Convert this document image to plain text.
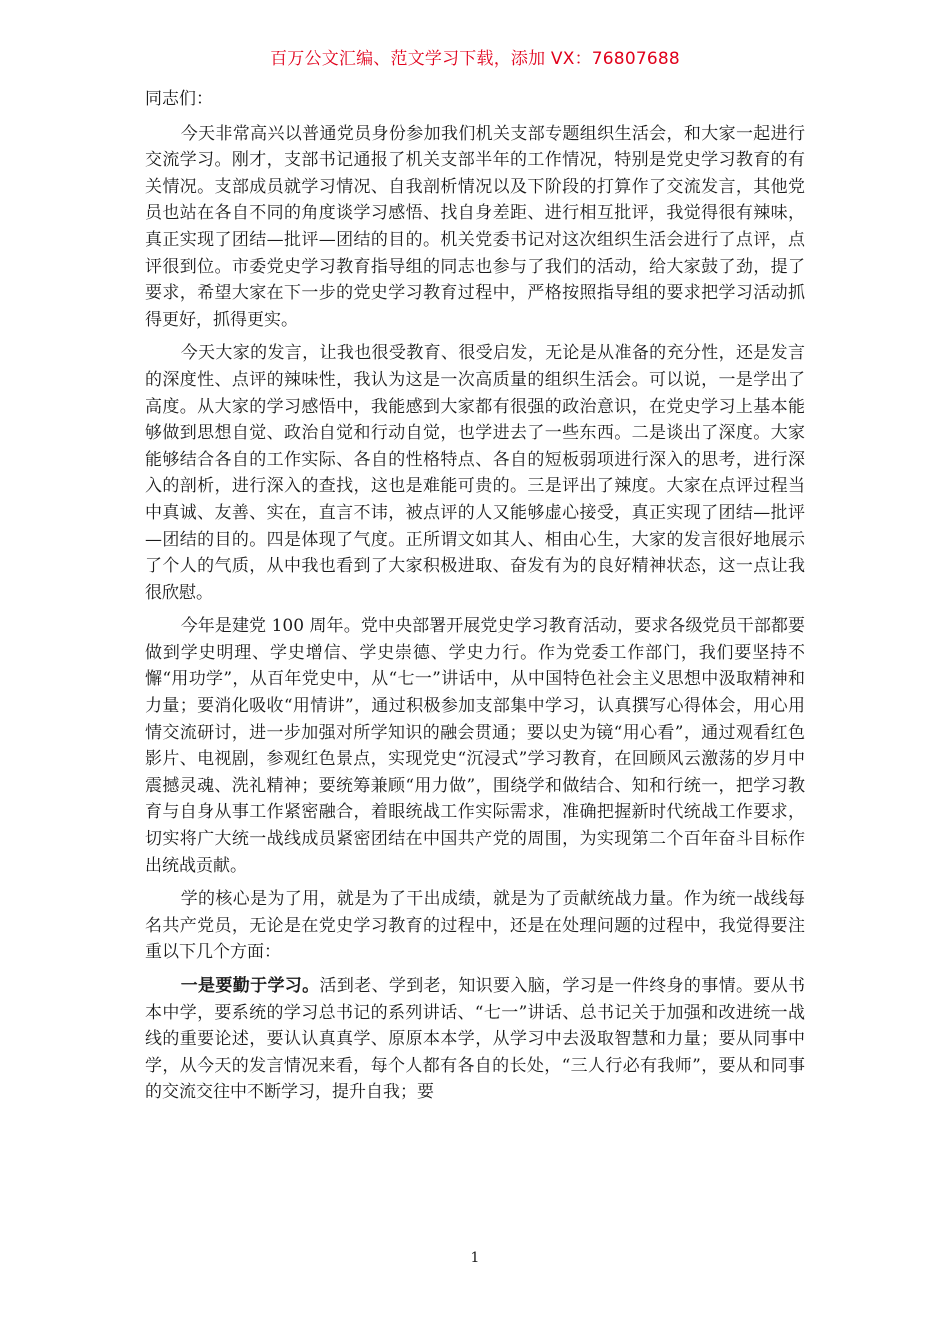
百万公文汇编、范文学习下载，添加 VX：76807688

同志们：

今天非常高兴以普通党员身份参加我们机关支部专题组织生活会，和大家一起进行交流学习。刚才，支部书记通报了机关支部半年的工作情况，特别是党史学习教育的有关情况。支部成员就学习情况、自我剖析情况以及下阶段的打算作了交流发言，其他党员也站在各自不同的角度谈学习感悟、找自身差距、进行相互批评，我觉得很有辣味，真正实现了团结—批评—团结的目的。机关党委书记对这次组织生活会进行了点评，点评很到位。市委党史学习教育指导组的同志也参与了我们的活动，给大家鼓了劲，提了要求，希望大家在下一步的党史学习教育过程中，严格按照指导组的要求把学习活动抓得更好，抓得更实。

今天大家的发言，让我也很受教育、很受启发，无论是从准备的充分性，还是发言的深度性、点评的辣味性，我认为这是一次高质量的组织生活会。可以说，一是学出了高度。从大家的学习感悟中，我能感到大家都有很强的政治意识，在党史学习上基本能够做到思想自觉、政治自觉和行动自觉，也学进去了一些东西。二是谈出了深度。大家能够结合各自的工作实际、各自的性格特点、各自的短板弱项进行深入的思考，进行深入的剖析，进行深入的查找，这也是难能可贵的。三是评出了辣度。大家在点评过程当中真诚、友善、实在，直言不讳，被点评的人又能够虚心接受，真正实现了团结—批评—团结的目的。四是体现了气度。正所谓文如其人、相由心生，大家的发言很好地展示了个人的气质，从中我也看到了大家积极进取、奋发有为的良好精神状态，这一点让我很欣慰。

今年是建党 100 周年。党中央部署开展党史学习教育活动，要求各级党员干部都要做到学史明理、学史增信、学史崇德、学史力行。作为党委工作部门，我们要坚持不懈“用功学”，从百年党史中，从“七一”讲话中，从中国特色社会主义思想中汲取精神和力量；要消化吸收“用情讲”，通过积极参加支部集中学习，认真撰写心得体会，用心用情交流研讨，进一步加强对所学知识的融会贯通；要以史为镜“用心看”，通过观看红色影片、电视剧，参观红色景点，实现党史“沉浸式”学习教育，在回顾风云激荡的岁月中震撼灵魂、洗礼精神；要统筹兼顾“用力做”，围绕学和做结合、知和行统一，把学习教育与自身从事工作紧密融合，着眼统战工作实际需求，准确把握新时代统战工作要求，切实将广大统一战线成员紧密团结在中国共产党的周围，为实现第二个百年奋斗目标作出统战贡献。

学的核心是为了用，就是为了干出成绩，就是为了贡献统战力量。作为统一战线每名共产党员，无论是在党史学习教育的过程中，还是在处理问题的过程中，我觉得要注重以下几个方面：

一是要勤于学习。活到老、学到老，知识要入脑，学习是一件终身的事情。要从书本中学，要系统的学习总书记的系列讲话、“七一”讲话、总书记关于加强和改进统一战线的重要论述，要认认真真学、原原本本学，从学习中去汲取智慧和力量；要从同事中学，从今天的发言情况来看，每个人都有各自的长处，“三人行必有我师”，要从和同事的交流交往中不断学习，提升自我；要

1
